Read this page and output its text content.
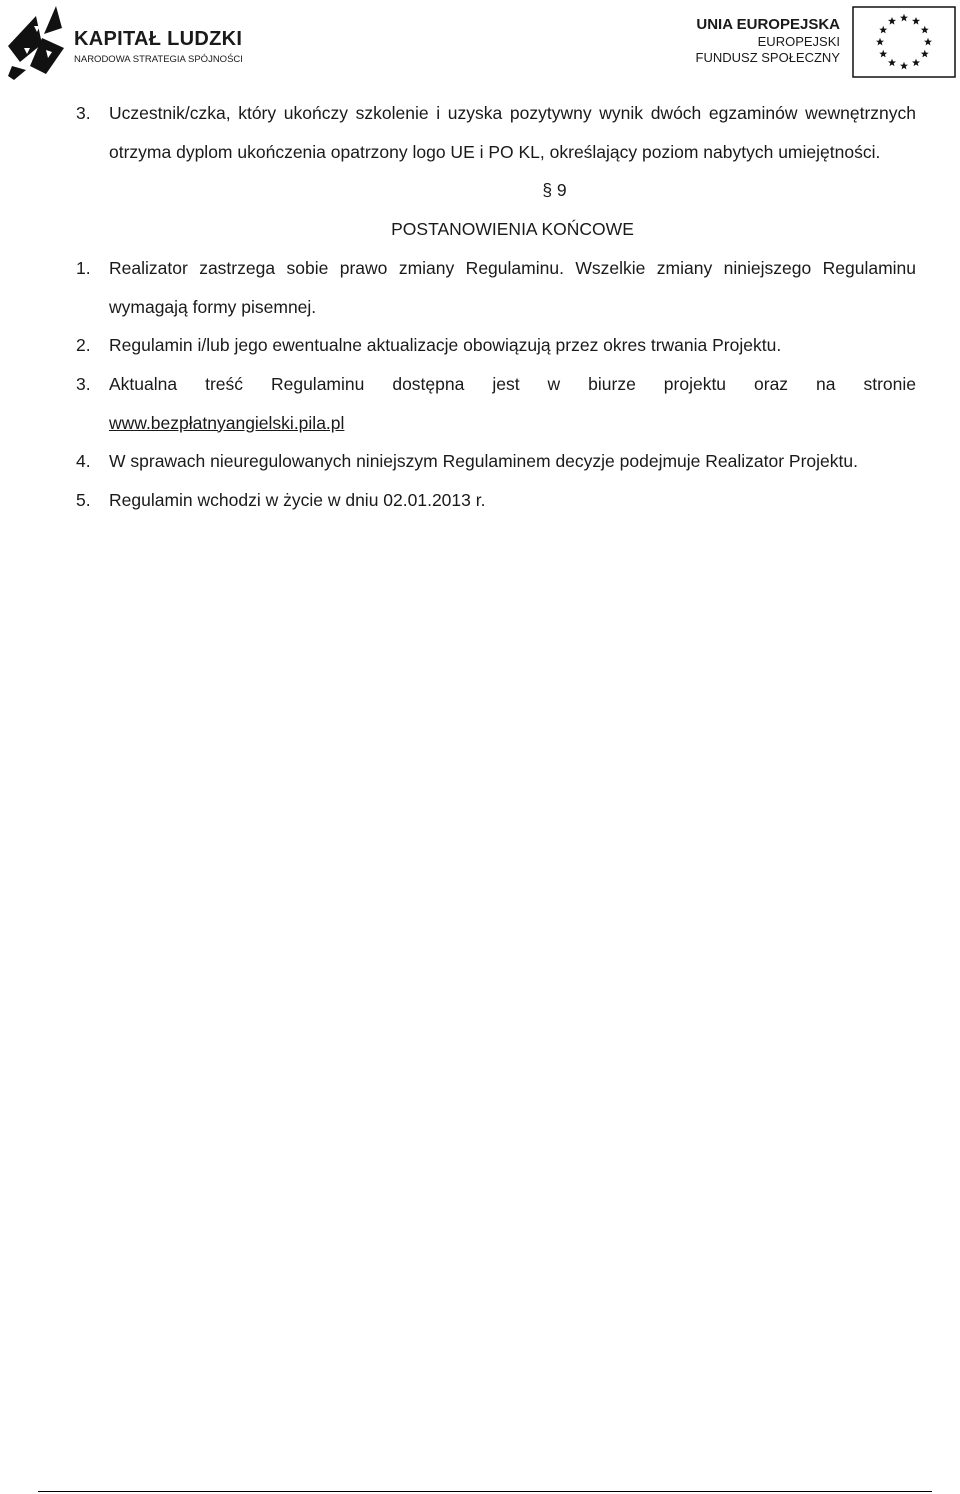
KAPITAŁ LUDZKI
NARODOWA STRATEGIA SPÓJNOŚCI
UNIA EUROPEJSKA
EUROPEJSKI
FUNDUSZ SPOŁECZNY
3.	Uczestnik/czka, który ukończy szkolenie i uzyska pozytywny wynik dwóch egzaminów wewnętrznych otrzyma dyplom ukończenia opatrzony logo UE i PO KL, określający poziom nabytych umiejętności.
§ 9
POSTANOWIENIA KOŃCOWE
1.	Realizator zastrzega sobie prawo zmiany Regulaminu. Wszelkie zmiany niniejszego Regulaminu wymagają formy pisemnej.
2.	Regulamin i/lub jego ewentualne aktualizacje obowiązują przez okres trwania Projektu.
3.	Aktualna treść Regulaminu dostępna jest w biurze projektu oraz na stronie www.bezpłatnyangielski.pila.pl
4.	W sprawach nieuregulowanych niniejszym Regulaminem decyzje podejmuje Realizator Projektu.
5.	Regulamin wchodzi w życie w dniu 02.01.2013 r.
